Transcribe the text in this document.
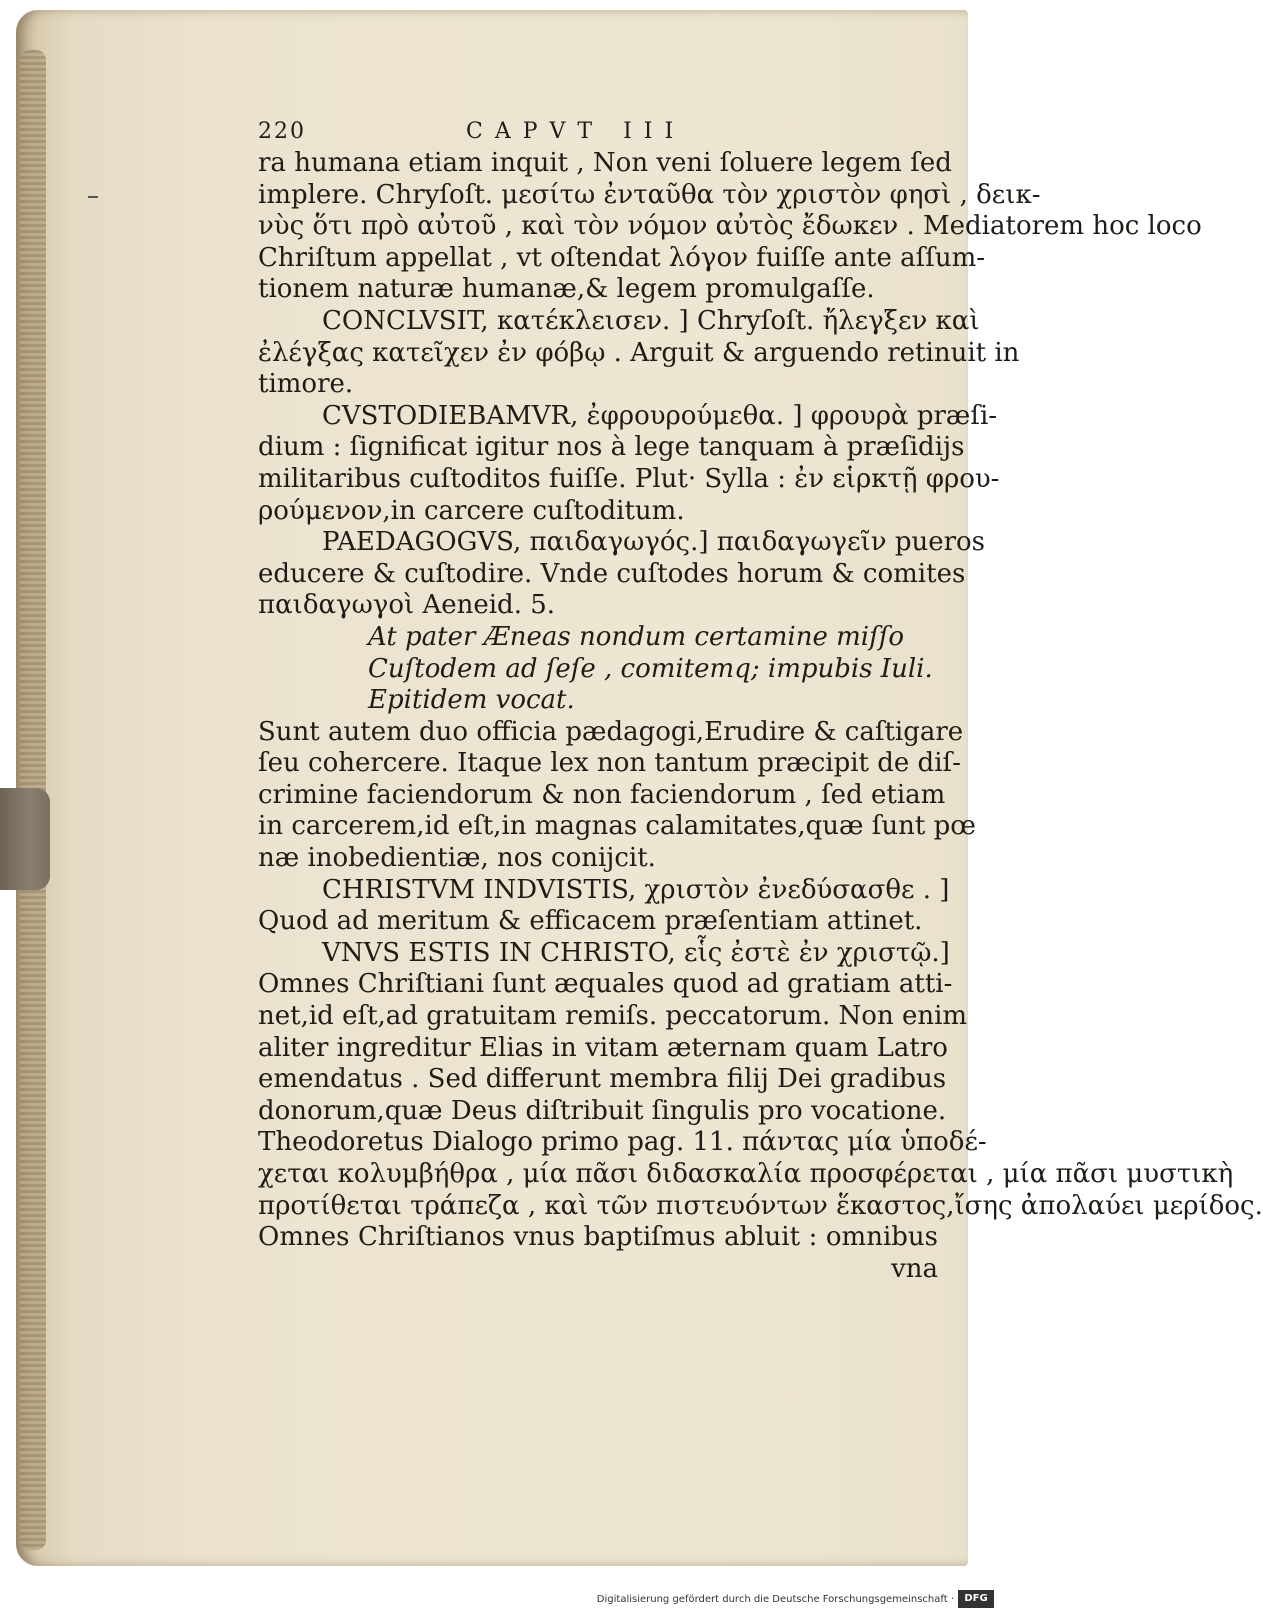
220	CAPVT III
ra humana etiam inquit , Non veni ſoluere legem ſed
implere. Chryſoſt. μεσίτω ἐνταῦθα τὸν χριστὸν φησὶ , δεικ-
νὺς ὅτι πρὸ αὐτοῦ , καὶ τὸν νόμον αὐτὸς ἔδωκεν . Mediatorem hoc loco
Chriſtum appellat , vt oſtendat λόγον fuiſſe ante aſſum-
tionem naturæ humanæ,& legem promulgaſſe.
CONCLVSIT, κατέκλεισεν. ] Chryſoſt. ἤλεγξεν καὶ
ἐλέγξας κατεῖχεν ἐν φόβῳ . Arguit & arguendo retinuit in
timore.
CVSTODIEBAMVR, ἐφρουρούμεθα. ] φρουρὰ præſi-
dium : ſignificat igitur nos à lege tanquam à præſidijs
militaribus cuſtoditos fuiſſe. Plut· Sylla : ἐν εἱρκτῇ φρου-
ρούμενον,in carcere cuſtoditum.
PAEDAGOGVS, παιδαγωγός.] παιδαγωγεῖν pueros
educere & cuſtodire. Vnde cuſtodes horum & comites
παιδαγωγοὶ Aeneid. 5.
At pater Æneas nondum certamine miſſo
Cuſtodem ad ſeſe , comitemq; impubis Iuli.
Epitidem vocat.
Sunt autem duo officia pædagogi,Erudire & caſtigare
ſeu cohercere. Itaque lex non tantum præcipit de diſ-
crimine faciendorum & non faciendorum , ſed etiam
in carcerem,id eſt,in magnas calamitates,quæ ſunt pœ
næ inobedientiæ, nos conijcit.
CHRISTVM INDVISTIS, χριστὸν ἐνεδύσασθε . ]
Quod ad meritum & efficacem præſentiam attinet.
VNVS ESTIS IN CHRISTO, εἷς ἐστὲ ἐν χριστῷ.]
Omnes Chriſtiani ſunt æquales quod ad gratiam atti-
net,id eſt,ad gratuitam remiſs. peccatorum. Non enim
aliter ingreditur Elias in vitam æternam quam Latro
emendatus . Sed differunt membra filij Dei gradibus
donorum,quæ Deus diſtribuit ſingulis pro vocatione.
Theodoretus Dialogo primo pag. 11. πάντας μία ὑποδέ-
χεται κολυμβήθρα , μία πᾶσι διδασκαλία προσφέρεται , μία πᾶσι μυστικὴ
προτίθεται τράπεζα , καὶ τῶν πιστευόντων ἕκαστος,ἴσης ἀπολαύει μερίδος.
Omnes Chriſtianos vnus baptiſmus abluit : omnibus
vna
Digitalisierung gefördert durch die Deutsche Forschungsgemeinschaft ·	DFG
